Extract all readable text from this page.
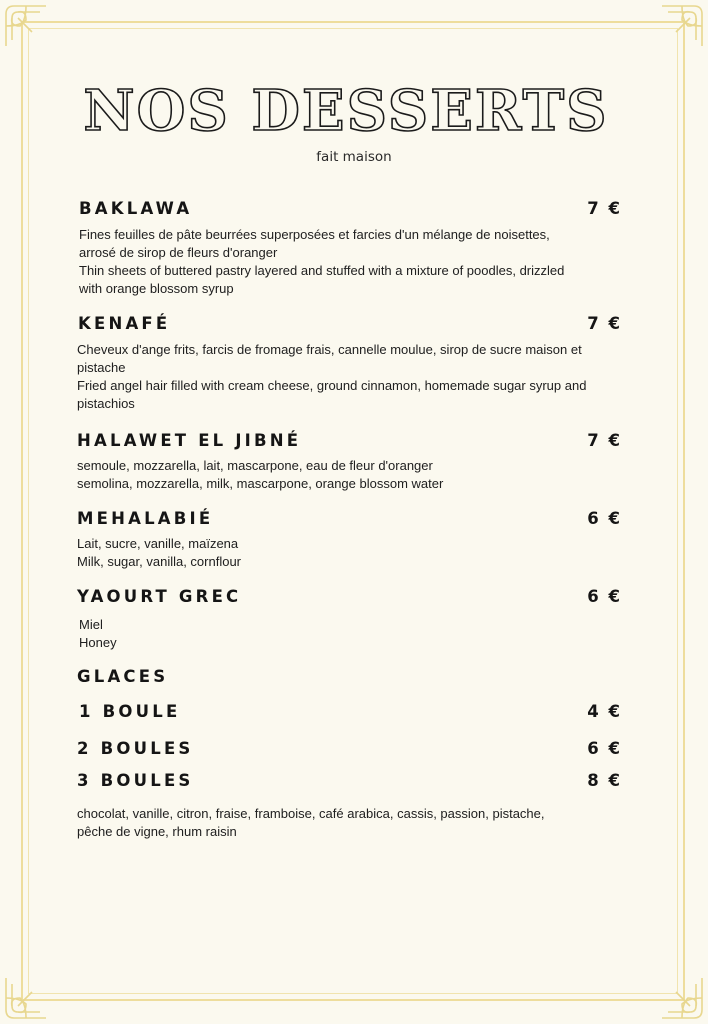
NOS DESSERTS
fait maison
BAKLAWA	7 €
Fines feuilles de pâte beurrées superposées et farcies d'un mélange de noisettes,
arrosé de sirop de fleurs d'oranger
Thin sheets of buttered pastry layered and stuffed with a mixture of poodles, drizzled
with orange blossom syrup
KENAFÉ	7 €
Cheveux d'ange frits, farcis de fromage frais, cannelle moulue, sirop de sucre maison et
pistache
Fried angel hair filled with cream cheese, ground cinnamon, homemade sugar syrup and
pistachios
HALAWET EL JIBNÉ	7 €
semoule, mozzarella, lait, mascarpone, eau de fleur d'oranger
semolina, mozzarella, milk, mascarpone, orange blossom water
MEHALABIÉ	6 €
Lait, sucre, vanille, maïzena
Milk, sugar, vanilla, cornflour
YAOURT GREC	6 €
Miel
Honey
GLACES
1 BOULE	4 €
2 BOULES	6 €
3 BOULES	8 €
chocolat, vanille, citron, fraise, framboise, café arabica, cassis, passion, pistache,
pêche de vigne, rhum raisin
